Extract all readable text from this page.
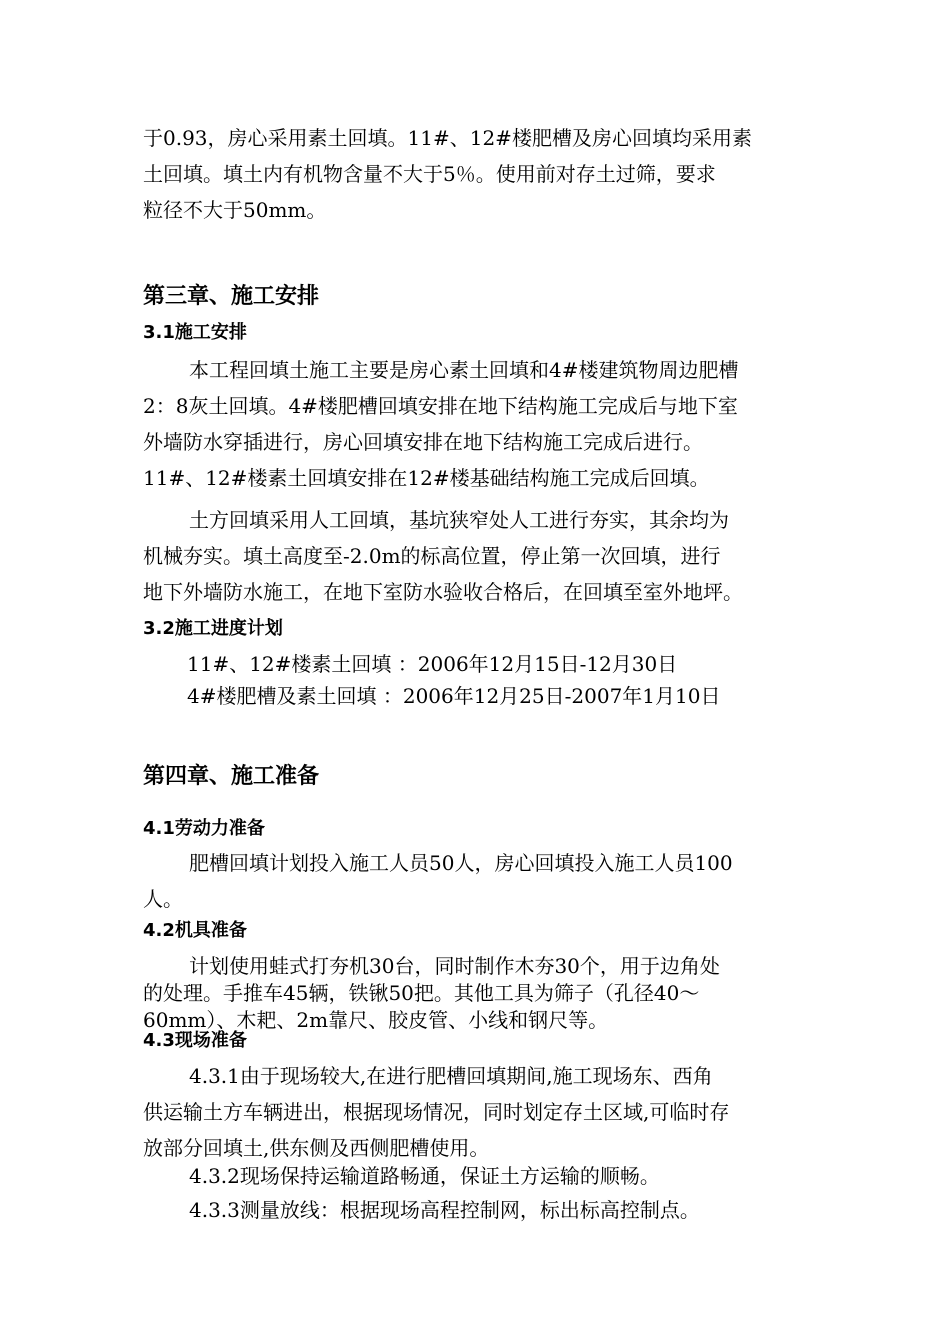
于0.93，房心采用素土回填。11#、12#楼肥槽及房心回填均采用素
土回填。填土内有机物含量不大于5％。使用前对存土过筛，要求
粒径不大于50mm。
第三章、施工安排
3.1施工安排
本工程回填土施工主要是房心素土回填和4#楼建筑物周边肥槽
2：8灰土回填。4#楼肥槽回填安排在地下结构施工完成后与地下室
外墙防水穿插进行，房心回填安排在地下结构施工完成后进行。
11#、12#楼素土回填安排在12#楼基础结构施工完成后回填。
土方回填采用人工回填，基坑狭窄处人工进行夯实，其余均为
机械夯实。填土高度至-2.0m的标高位置，停止第一次回填，进行
地下外墙防水施工，在地下室防水验收合格后，在回填至室外地坪。
3.2施工进度计划
11#、12#楼素土回填 ：2006年12月15日-12月30日
4#楼肥槽及素土回填 ：2006年12月25日-2007年1月10日
第四章、施工准备
4.1劳动力准备
肥槽回填计划投入施工人员50人，房心回填投入施工人员100
人。
4.2机具准备
计划使用蛙式打夯机30台，同时制作木夯30个，用于边角处
的处理。手推车45辆，铁锹50把。其他工具为筛子（孔径40～
60mm）、木耙、2m靠尺、胶皮管、小线和钢尺等。
4.3现场准备
4.3.1由于现场较大,在进行肥槽回填期间,施工现场东、西角
供运输土方车辆进出，根据现场情况，同时划定存土区域,可临时存
放部分回填土,供东侧及西侧肥槽使用。
4.3.2现场保持运输道路畅通，保证土方运输的顺畅。
4.3.3测量放线：根据现场高程控制网，标出标高控制点。
